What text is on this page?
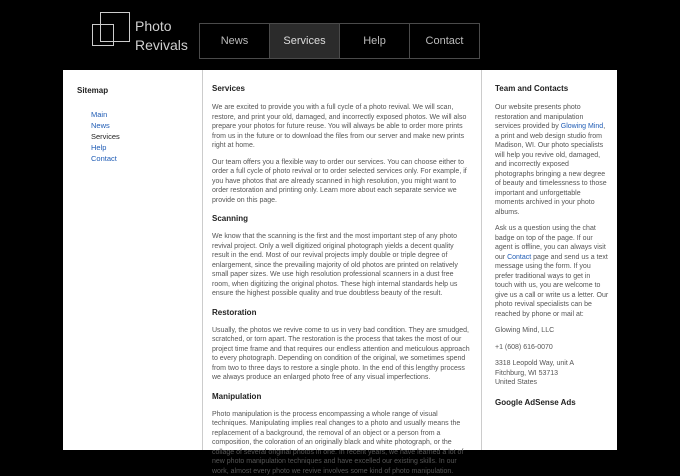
Photo
Revivals	News	Services	Help	Contact
Sitemap
Main
News
Services
Help
Contact
Services

We are excited to provide you with a full cycle of a photo revival. We will scan, restore, and print your old, damaged, and incorrectly exposed photos. We will also prepare your photos for future reuse. You will always be able to order more prints from us in the future or to download the files from our server and make new prints right at home.

Our team offers you a flexible way to order our services. You can choose either to order a full cycle of photo revival or to order selected services only. For example, if you have photos that are already scanned in high resolution, you might want to order restoration and printing only. Learn more about each separate service we provide on this page.

Scanning

We know that the scanning is the first and the most important step of any photo revival project. Only a well digitized original photograph yields a decent quality result in the end. Most of our revival projects imply double or triple degree of enlargement, since the prevailing majority of old photos are printed on relatively small paper sizes. We use high resolution professional scanners in a dust free room, when digitizing the original photos. These high internal standards help us ensure the highest possible quality and true doubtless beauty of the result.

Restoration

Usually, the photos we revive come to us in very bad condition. They are smudged, scratched, or torn apart. The restoration is the process that takes the most of our project time frame and that requires our endless attention and meticulous approach to every photograph. Depending on condition of the original, we sometimes spend from two to three days to restore a single photo. In the end of this lengthy process we always produce an enlarged photo free of any visual imperfections.

Manipulation

Photo manipulation is the process encompassing a whole range of visual techniques. Manipulating implies real changes to a photo and usually means the replacement of a background, the removal of an object or a person from a composition, the coloration of an originally black and white photograph, or the collage of several original photos in one. In recent years, we have learned a lot of new photo manipulation techniques and have excelled our existing skills. In our work, almost every photo we revive involves some kind of photo manipulation.

Team and Contacts

Our website presents photo restoration and manipulation services provided by Glowing Mind, a print and web design studio from Madison, WI. Our photo specialists will help you revive old, damaged, and incorrectly exposed photographs bringing a new degree of beauty and timelessness to those important and unforgettable moments archived in your photo albums.

Ask us a question using the chat badge on top of the page. If our agent is offline, you can always visit our Contact page and send us a text message using the form. If you prefer traditional ways to get in touch with us, you are welcome to give us a call or write us a letter. Our photo revival specialists can be reached by phone or mail at:

Glowing Mind, LLC

+1 (608) 616-0070

3318 Leopold Way, unit A
Fitchburg, WI 53713
United States

Google AdSense Ads
